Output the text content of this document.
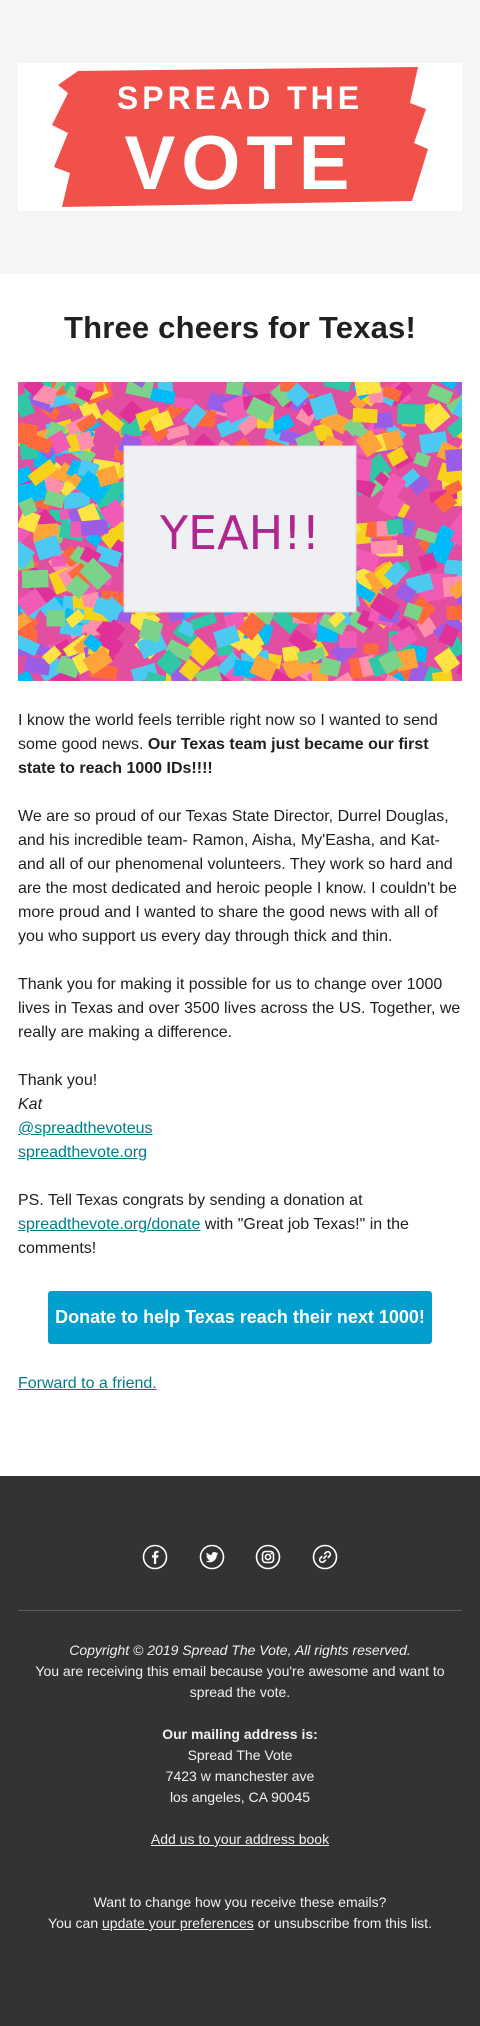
SPREAD THE
VOTE
Three cheers for Texas!
YEAH!!

I know the world feels terrible right now so I wanted to send some good news. Our Texas team just became our first state to reach 1000 IDs!!!!

We are so proud of our Texas State Director, Durrel Douglas, and his incredible team- Ramon, Aisha, My'Easha, and Kat- and all of our phenomenal volunteers. They work so hard and are the most dedicated and heroic people I know. I couldn't be more proud and I wanted to share the good news with all of you who support us every day through thick and thin.

Thank you for making it possible for us to change over 1000 lives in Texas and over 3500 lives across the US. Together, we really are making a difference.

Thank you!
Kat
@spreadthevoteus
spreadthevote.org

PS. Tell Texas congrats by sending a donation at spreadthevote.org/donate with "Great job Texas!" in the comments!

Donate to help Texas reach their next 1000!

Forward to a friend.

Copyright © 2019 Spread The Vote, All rights reserved.
You are receiving this email because you're awesome and want to spread the vote.

Our mailing address is:
Spread The Vote
7423 w manchester ave
los angeles, CA 90045

Add us to your address book

Want to change how you receive these emails?
You can update your preferences or unsubscribe from this list.
